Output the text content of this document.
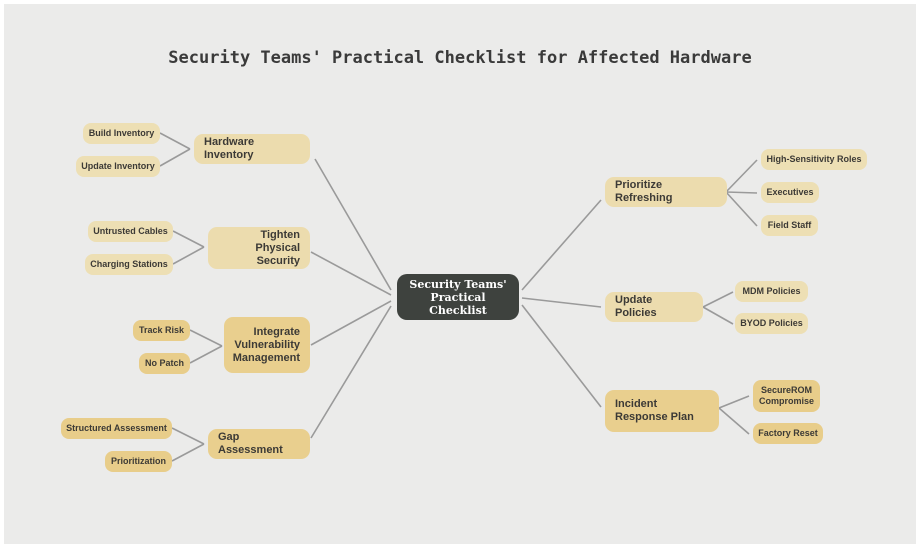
Security Teams' Practical Checklist for Affected Hardware
Security Teams' Practical Checklist
Hardware Inventory
Tighten Physical Security
Integrate Vulnerability Management
Gap Assessment
Build Inventory
Update Inventory
Untrusted Cables
Charging Stations
Track Risk
No Patch
Structured Assessment
Prioritization
Prioritize Refreshing
Update Policies
Incident Response Plan
High-Sensitivity Roles
Executives
Field Staff
MDM Policies
BYOD Policies
SecureROM Compromise
Factory Reset
